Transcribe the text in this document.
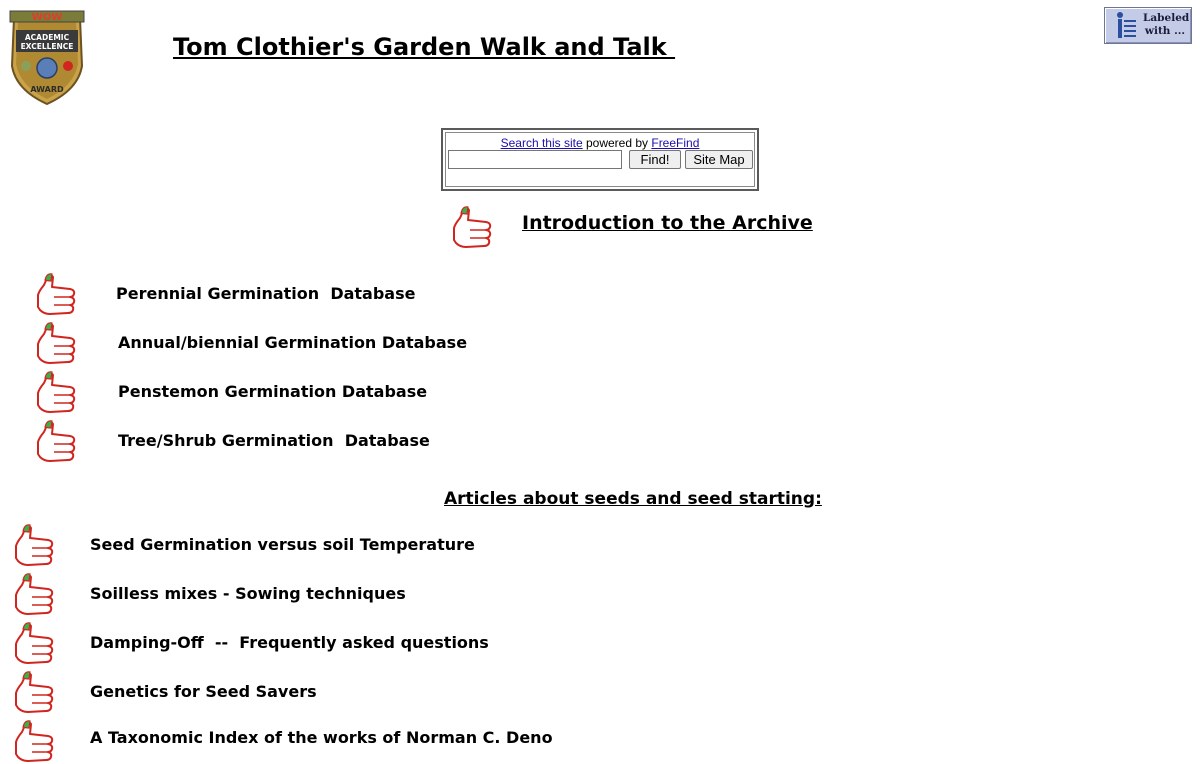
WOW
ACADEMIC
EXCELLENCE
AWARD
Tom Clothier's Garden Walk and Talk
Labeled
with ...
Search this site powered by FreeFind
Find!	Site Map
Introduction to the Archive
Perennial Germination  Database
Annual/biennial Germination Database
Penstemon Germination Database
Tree/Shrub Germination  Database
Articles about seeds and seed starting:
Seed Germination versus soil Temperature
Soilless mixes - Sowing techniques
Damping-Off  --  Frequently asked questions
Genetics for Seed Savers
A Taxonomic Index of the works of Norman C. Deno
